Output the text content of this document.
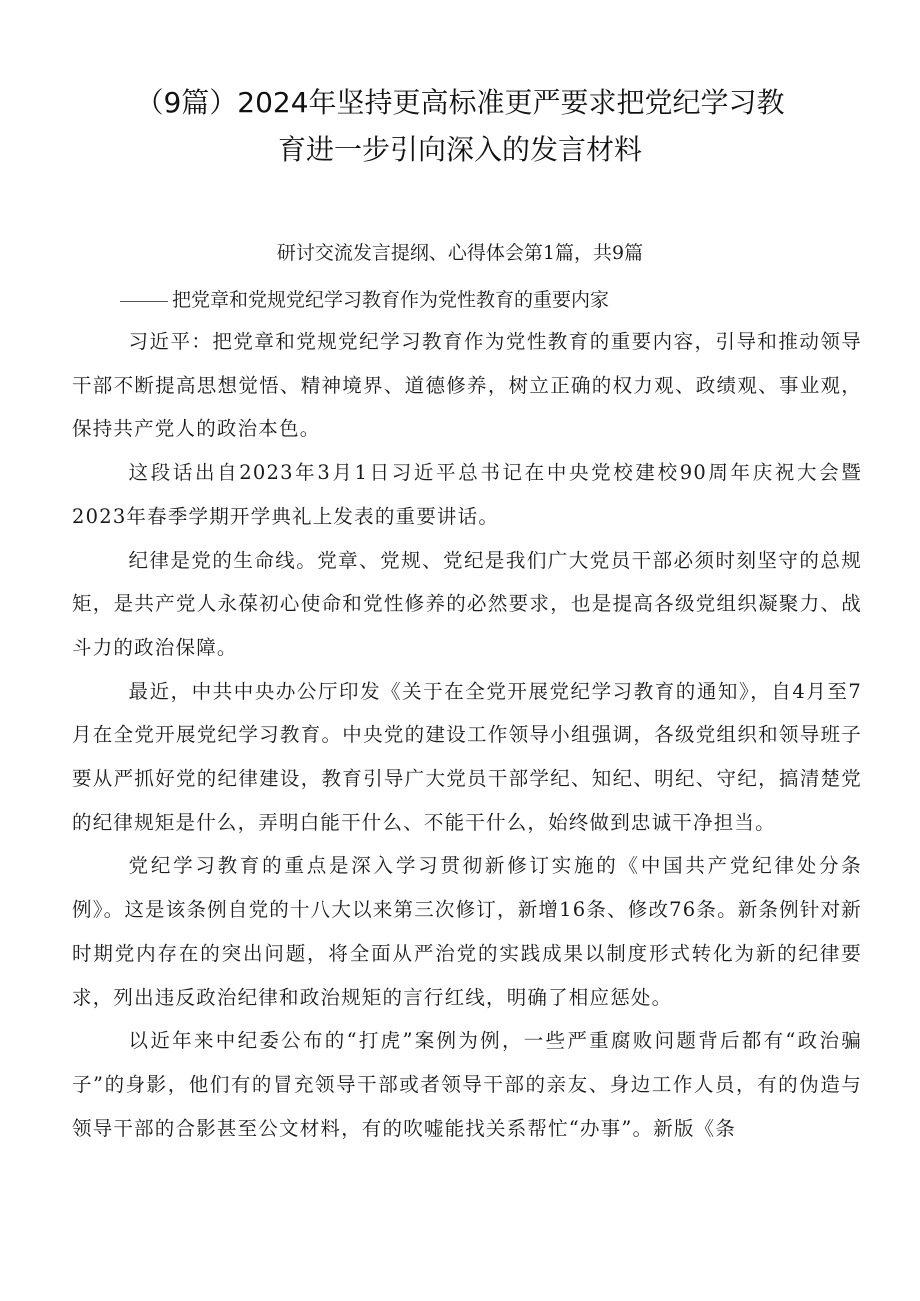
（9篇）2024年坚持更高标准更严要求把党纪学习教
育进一步引向深入的发言材料

研讨交流发言提纲、心得体会第1篇，共9篇

把党章和党规党纪学习教育作为党性教育的重要内家

习近平：把党章和党规党纪学习教育作为党性教育的重要内容，引导和推动领导干部不断提高思想觉悟、精神境界、道德修养，树立正确的权力观、政绩观、事业观，保持共产党人的政治本色。

这段话出自2023年3月1日习近平总书记在中央党校建校90周年庆祝大会暨2023年春季学期开学典礼上发表的重要讲话。

纪律是党的生命线。党章、党规、党纪是我们广大党员干部必须时刻坚守的总规矩，是共产党人永葆初心使命和党性修养的必然要求，也是提高各级党组织凝聚力、战斗力的政治保障。

最近，中共中央办公厅印发《关于在全党开展党纪学习教育的通知》，自4月至7月在全党开展党纪学习教育。中央党的建设工作领导小组强调，各级党组织和领导班子要从严抓好党的纪律建设，教育引导广大党员干部学纪、知纪、明纪、守纪，搞清楚党的纪律规矩是什么，弄明白能干什么、不能干什么，始终做到忠诚干净担当。

党纪学习教育的重点是深入学习贯彻新修订实施的《中国共产党纪律处分条例》。这是该条例自党的十八大以来第三次修订，新增16条、修改76条。新条例针对新时期党内存在的突出问题，将全面从严治党的实践成果以制度形式转化为新的纪律要求，列出违反政治纪律和政治规矩的言行红线，明确了相应惩处。

以近年来中纪委公布的“打虎”案例为例，一些严重腐败问题背后都有“政治骗子”的身影，他们有的冒充领导干部或者领导干部的亲友、身边工作人员，有的伪造与领导干部的合影甚至公文材料，有的吹嘘能找关系帮忙“办事”。新版《条
